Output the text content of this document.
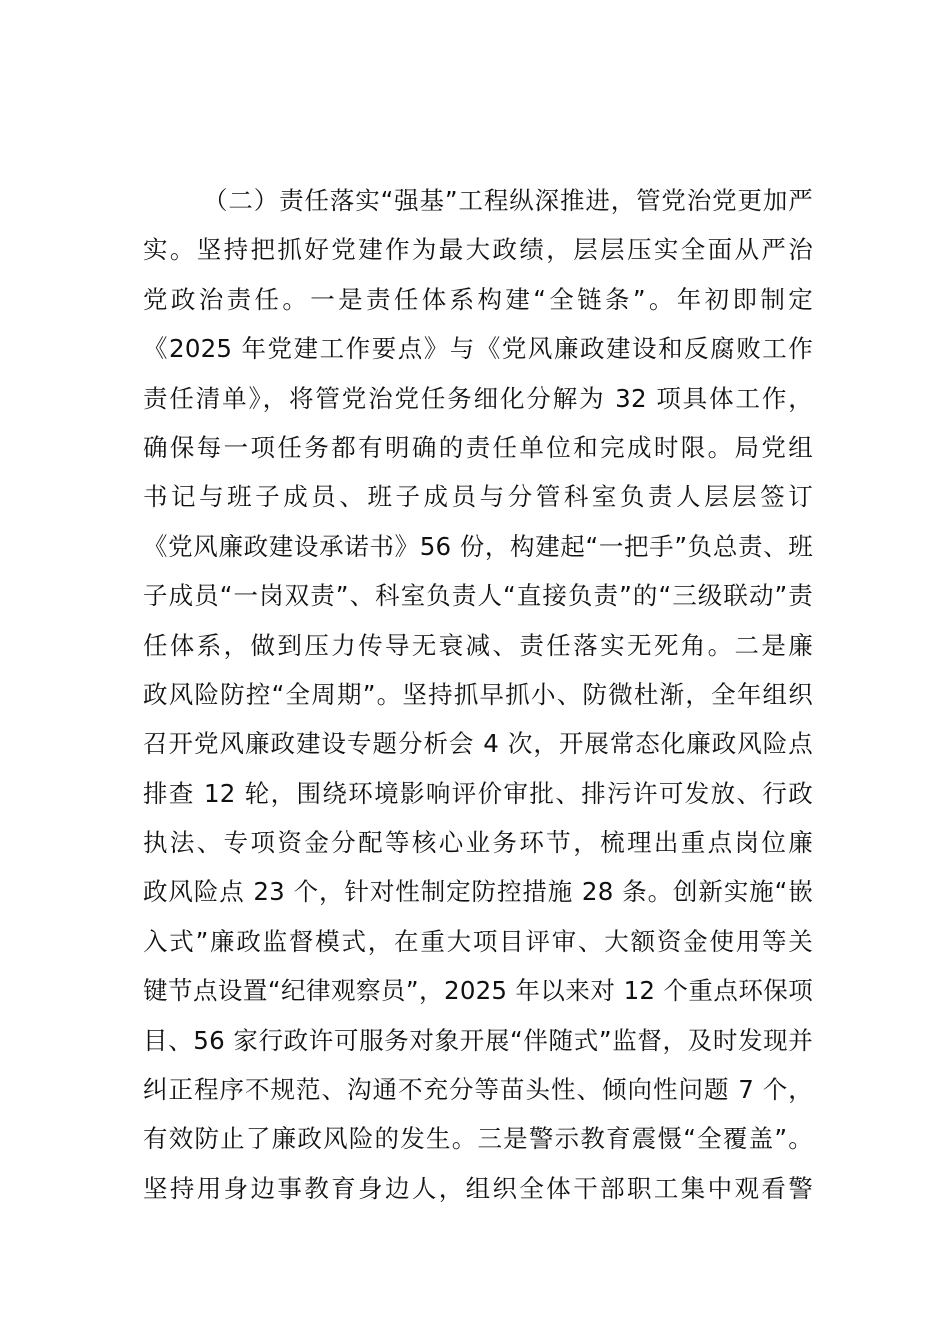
（二）责任落实“强基”工程纵深推进，管党治党更加严
实。坚持把抓好党建作为最大政绩，层层压实全面从严治
党政治责任。一是责任体系构建“全链条”。年初即制定
《2025 年党建工作要点》与《党风廉政建设和反腐败工作
责任清单》，将管党治党任务细化分解为 32 项具体工作，
确保每一项任务都有明确的责任单位和完成时限。局党组
书记与班子成员、班子成员与分管科室负责人层层签订
《党风廉政建设承诺书》56 份，构建起“一把手”负总责、班
子成员“一岗双责”、科室负责人“直接负责”的“三级联动”责
任体系，做到压力传导无衰减、责任落实无死角。二是廉
政风险防控“全周期”。坚持抓早抓小、防微杜渐，全年组织
召开党风廉政建设专题分析会 4 次，开展常态化廉政风险点
排查 12 轮，围绕环境影响评价审批、排污许可发放、行政
执法、专项资金分配等核心业务环节，梳理出重点岗位廉
政风险点 23 个，针对性制定防控措施 28 条。创新实施“嵌
入式”廉政监督模式，在重大项目评审、大额资金使用等关
键节点设置“纪律观察员”，2025 年以来对 12 个重点环保项
目、56 家行政许可服务对象开展“伴随式”监督，及时发现并
纠正程序不规范、沟通不充分等苗头性、倾向性问题 7 个，
有效防止了廉政风险的发生。三是警示教育震慑“全覆盖”。
坚持用身边事教育身边人，组织全体干部职工集中观看警
